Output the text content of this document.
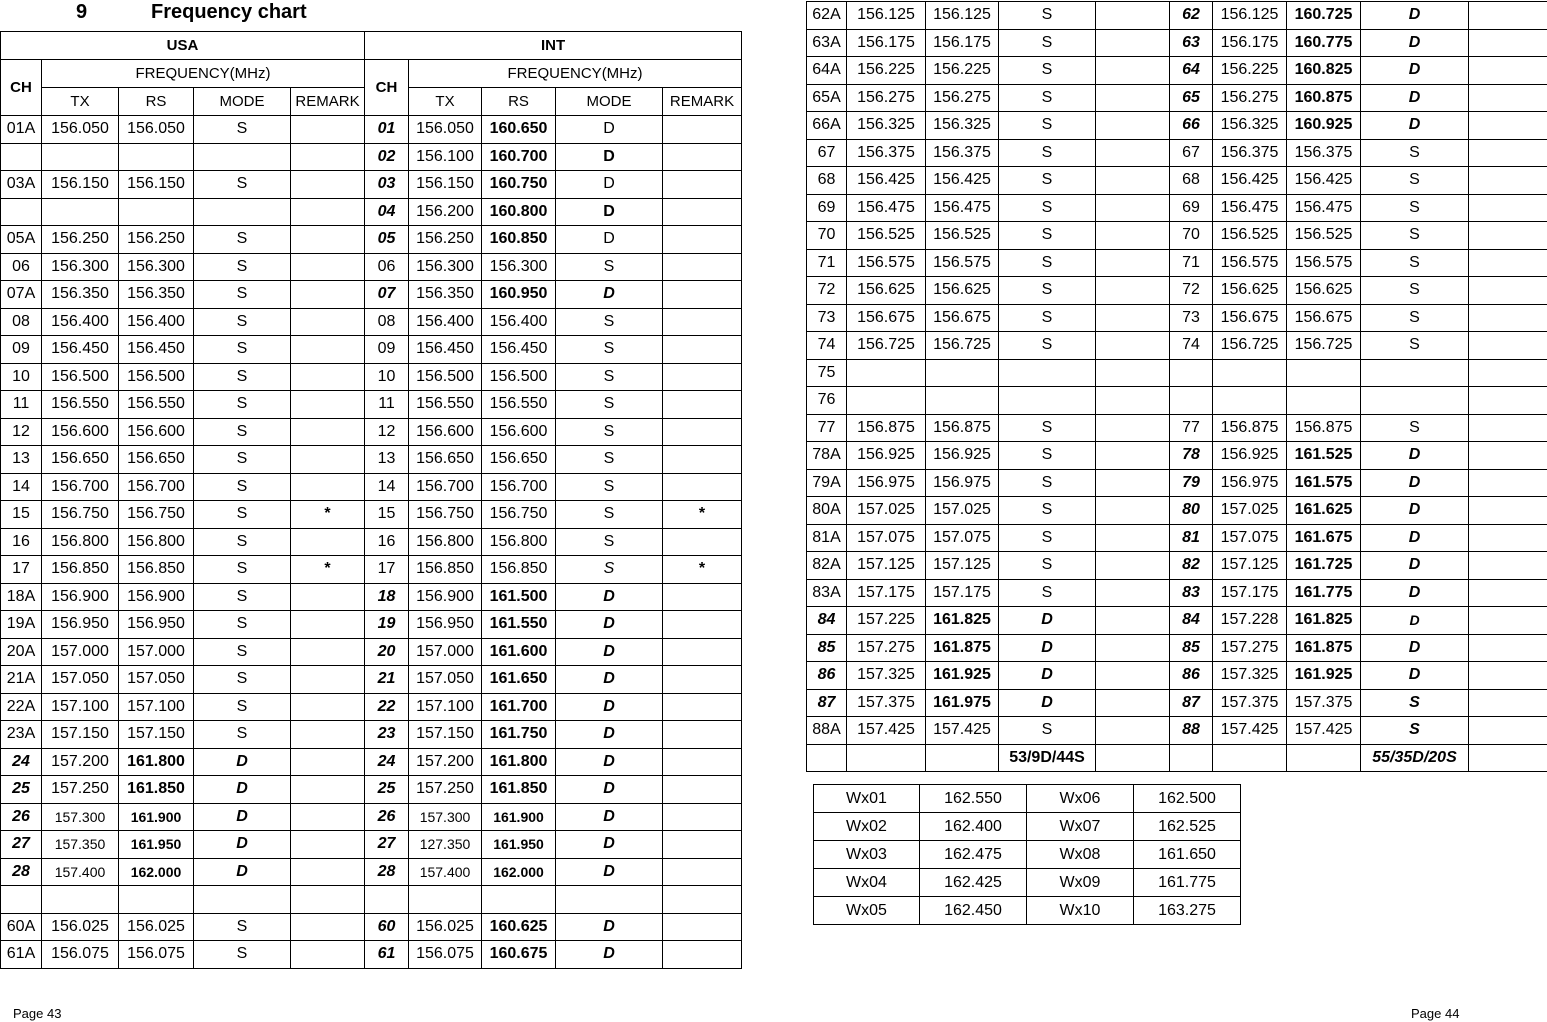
9	Frequency chart
USA					INT				
CH	FREQUENCY(MHz)				CH	FREQUENCY(MHz)			
	TX	RS	MODE	REMARK		TX	RS	MODE	REMARK
01A	156.050	156.050	S		01	156.050	160.650	D	
					02	156.100	160.700	D	
03A	156.150	156.150	S		03	156.150	160.750	D	
					04	156.200	160.800	D	
05A	156.250	156.250	S		05	156.250	160.850	D	
06	156.300	156.300	S		06	156.300	156.300	S	
07A	156.350	156.350	S		07	156.350	160.950	D	
08	156.400	156.400	S		08	156.400	156.400	S	
09	156.450	156.450	S		09	156.450	156.450	S	
10	156.500	156.500	S		10	156.500	156.500	S	
11	156.550	156.550	S		11	156.550	156.550	S	
12	156.600	156.600	S		12	156.600	156.600	S	
13	156.650	156.650	S		13	156.650	156.650	S	
14	156.700	156.700	S		14	156.700	156.700	S	
15	156.750	156.750	S	*	15	156.750	156.750	S	*
16	156.800	156.800	S		16	156.800	156.800	S	
17	156.850	156.850	S	*	17	156.850	156.850	S	*
18A	156.900	156.900	S		18	156.900	161.500	D	
19A	156.950	156.950	S		19	156.950	161.550	D	
20A	157.000	157.000	S		20	157.000	161.600	D	
21A	157.050	157.050	S		21	157.050	161.650	D	
22A	157.100	157.100	S		22	157.100	161.700	D	
23A	157.150	157.150	S		23	157.150	161.750	D	
24	157.200	161.800	D		24	157.200	161.800	D	
25	157.250	161.850	D		25	157.250	161.850	D	
26	157.300	161.900	D		26	157.300	161.900	D	
27	157.350	161.950	D		27	127.350	161.950	D	
28	157.400	162.000	D		28	157.400	162.000	D	

60A	156.025	156.025	S		60	156.025	160.625	D	
61A	156.075	156.075	S		61	156.075	160.675	D	
62A	156.125	156.125	S		62	156.125	160.725	D	
63A	156.175	156.175	S		63	156.175	160.775	D	
64A	156.225	156.225	S		64	156.225	160.825	D	
65A	156.275	156.275	S		65	156.275	160.875	D	
66A	156.325	156.325	S		66	156.325	160.925	D	
67	156.375	156.375	S		67	156.375	156.375	S	
68	156.425	156.425	S		68	156.425	156.425	S	
69	156.475	156.475	S		69	156.475	156.475	S	
70	156.525	156.525	S		70	156.525	156.525	S	
71	156.575	156.575	S		71	156.575	156.575	S	
72	156.625	156.625	S		72	156.625	156.625	S	
73	156.675	156.675	S		73	156.675	156.675	S	
74	156.725	156.725	S		74	156.725	156.725	S	
75									
76									
77	156.875	156.875	S		77	156.875	156.875	S	
78A	156.925	156.925	S		78	156.925	161.525	D	
79A	156.975	156.975	S		79	156.975	161.575	D	
80A	157.025	157.025	S		80	157.025	161.625	D	
81A	157.075	157.075	S		81	157.075	161.675	D	
82A	157.125	157.125	S		82	157.125	161.725	D	
83A	157.175	157.175	S		83	157.175	161.775	D	
84	157.225	161.825	D		84	157.228	161.825	D	
85	157.275	161.875	D		85	157.275	161.875	D	
86	157.325	161.925	D		86	157.325	161.925	D	
87	157.375	161.975	D		87	157.375	157.375	S	
88A	157.425	157.425	S		88	157.425	157.425	S	
			53/9D/44S					55/35D/20S	
Wx01	162.550	Wx06	162.500
Wx02	162.400	Wx07	162.525
Wx03	162.475	Wx08	161.650
Wx04	162.425	Wx09	161.775
Wx05	162.450	Wx10	163.275
Page 43	Page 44
